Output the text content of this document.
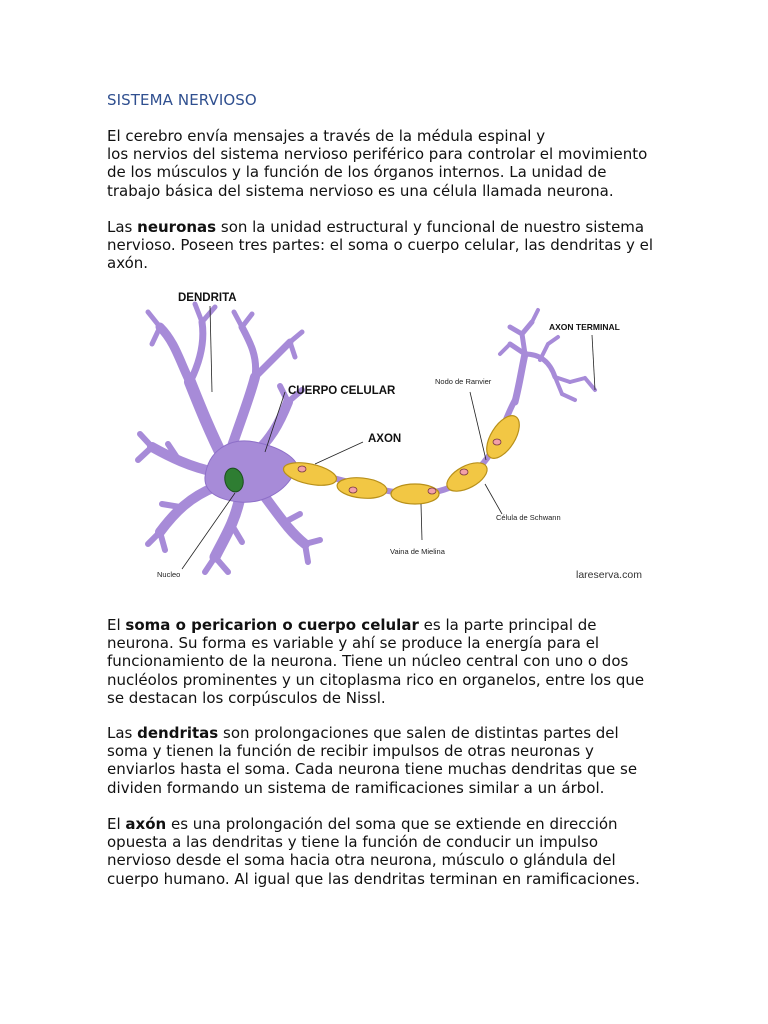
SISTEMA NERVIOSO
El cerebro envía mensajes a través de la médula espinal y
los nervios del sistema nervioso periférico para controlar el movimiento
de los músculos y la función de los órganos internos. La unidad de
trabajo básica del sistema nervioso es una célula llamada neurona.
Las neuronas son la unidad estructural y funcional de nuestro sistema
nervioso. Poseen tres partes: el soma o cuerpo celular, las dendritas y el
axón.
DENDRITA
CUERPO CELULAR
AXON
AXON TERMINAL
Nodo de Ranvier
Célula de Schwann
Vaina de Mielina
Nucleo	lareserva.com
El soma o pericarion o cuerpo celular es la parte principal de
neurona. Su forma es variable y ahí se produce la energía para el
funcionamiento de la neurona. Tiene un núcleo central con uno o dos
nucléolos prominentes y un citoplasma rico en organelos, entre los que
se destacan los corpúsculos de Nissl.
Las dendritas son prolongaciones que salen de distintas partes del
soma y tienen la función de recibir impulsos de otras neuronas y
enviarlos hasta el soma. Cada neurona tiene muchas dendritas que se
dividen formando un sistema de ramificaciones similar a un árbol.
El axón es una prolongación del soma que se extiende en dirección
opuesta a las dendritas y tiene la función de conducir un impulso
nervioso desde el soma hacia otra neurona, músculo o glándula del
cuerpo humano. Al igual que las dendritas terminan en ramificaciones.
